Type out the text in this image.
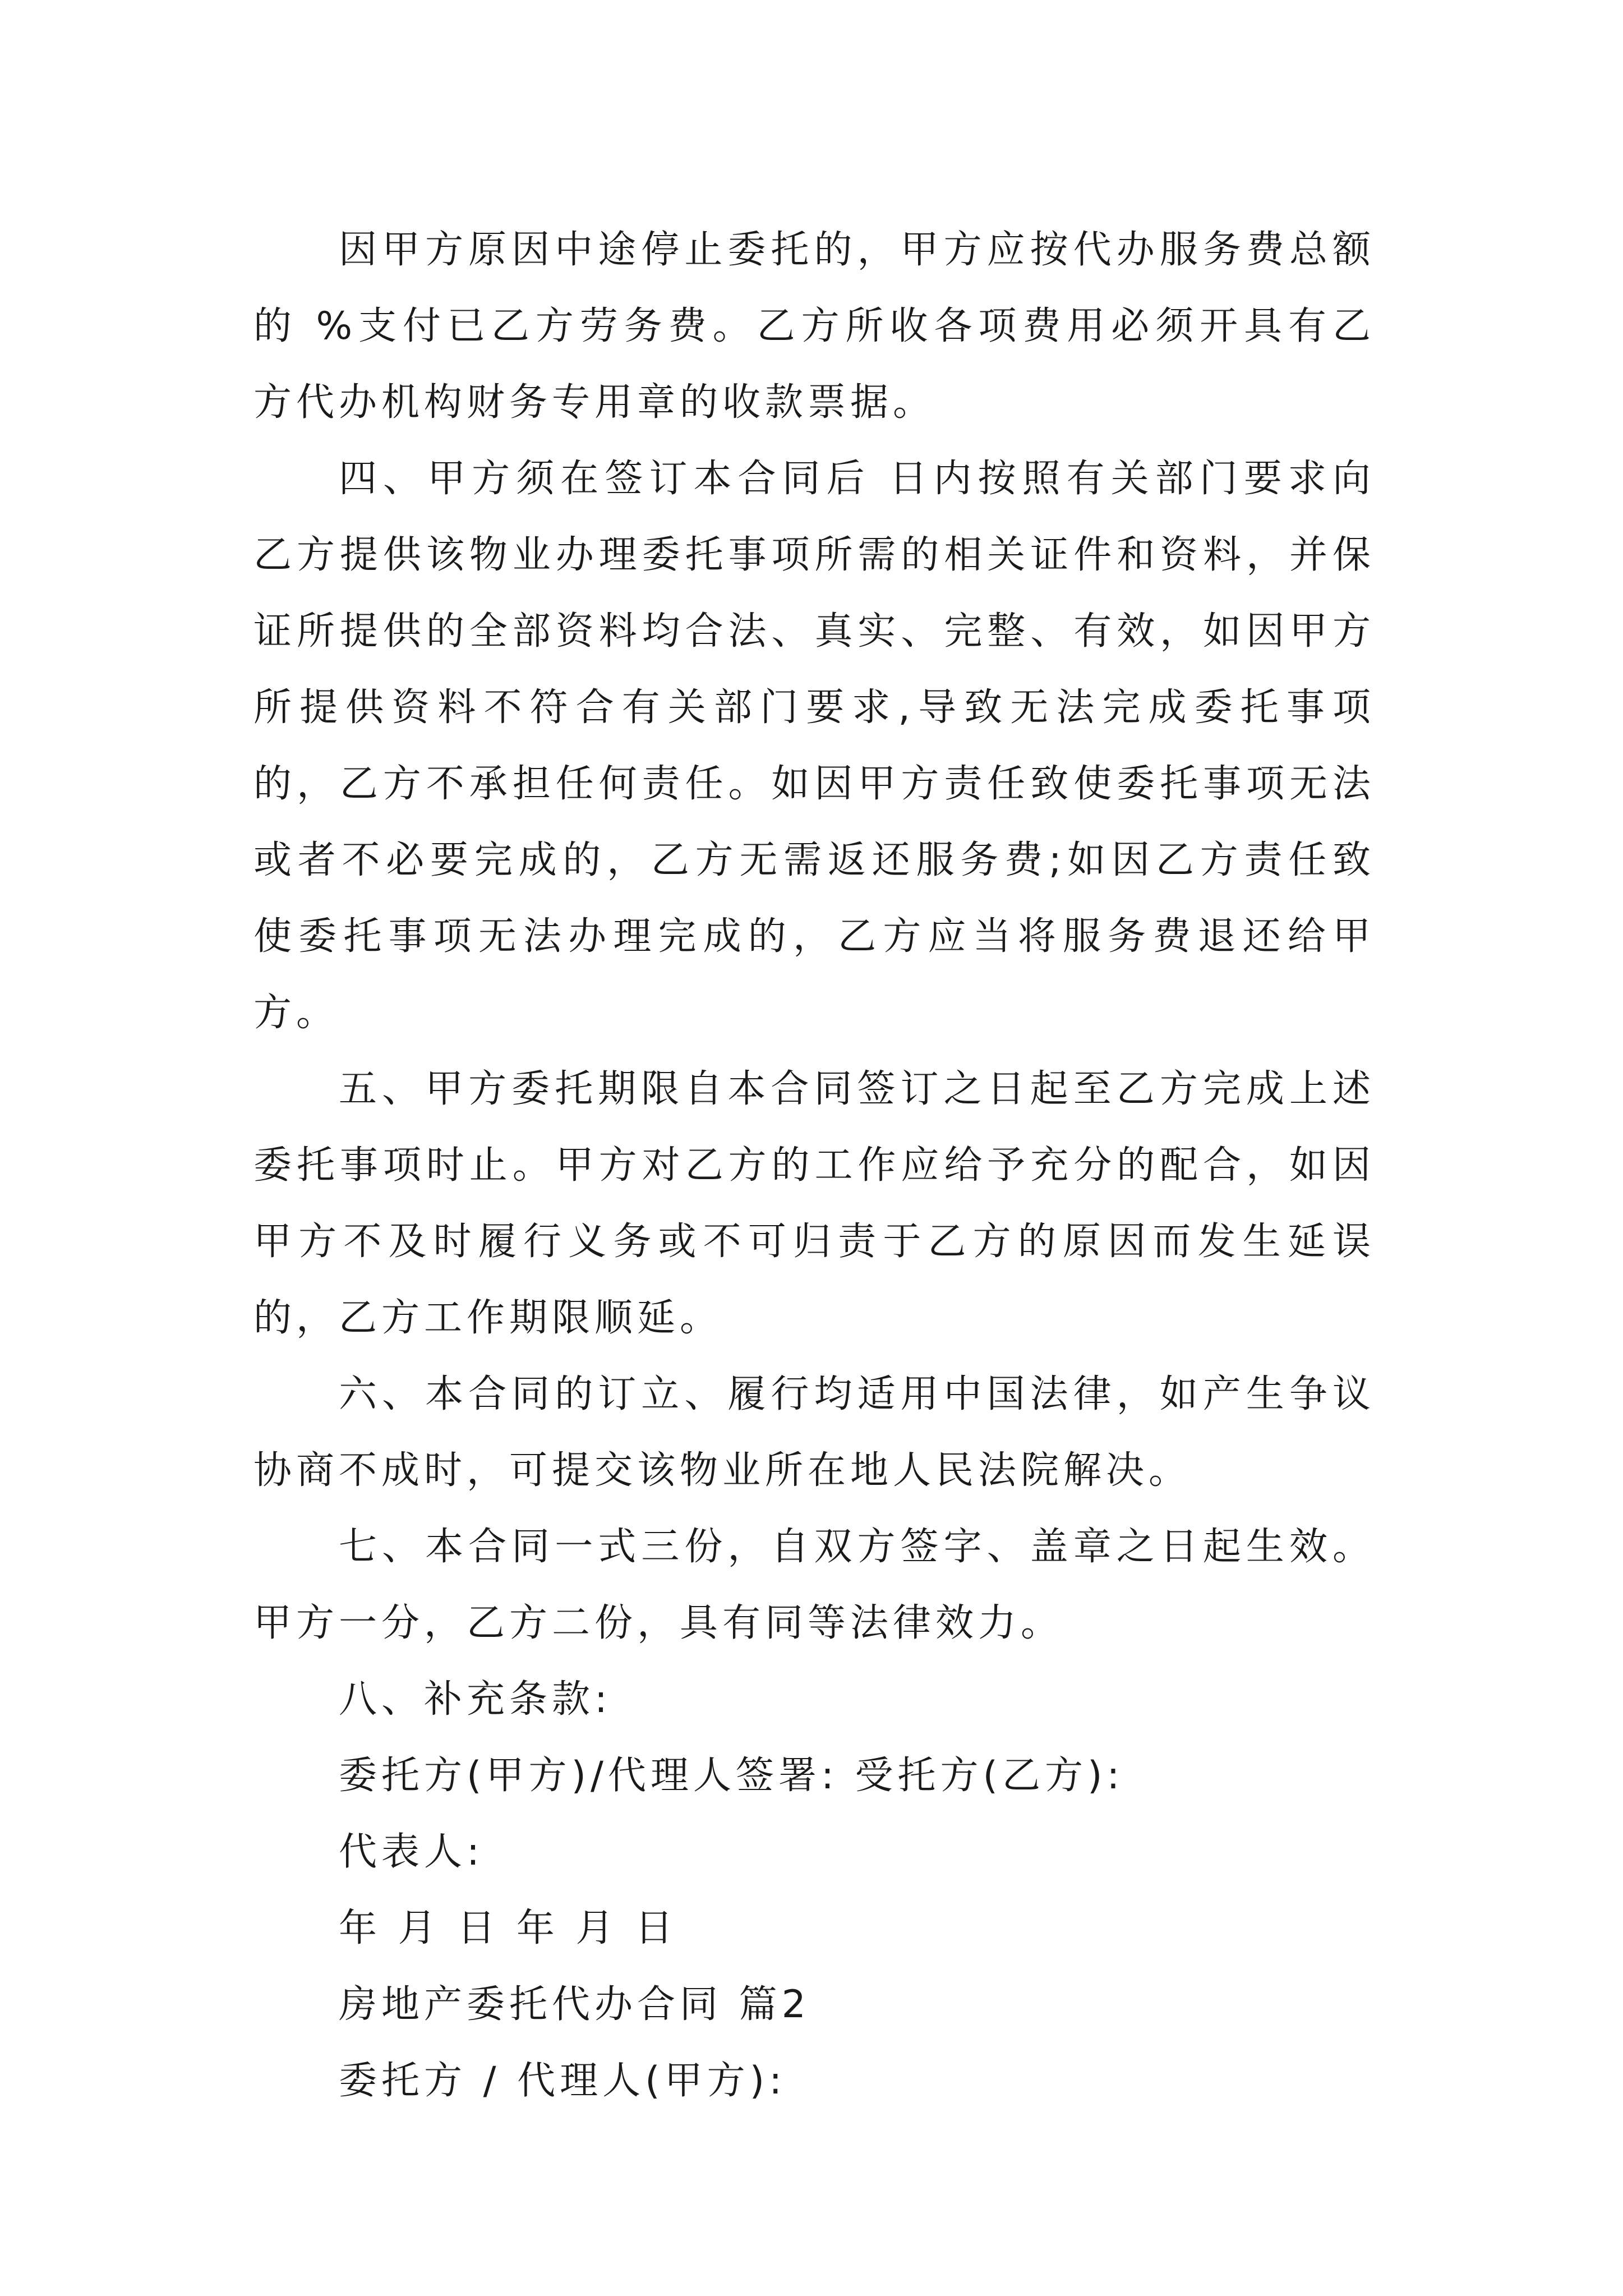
因甲方原因中途停止委托的，甲方应按代办服务费总额的 %支付已乙方劳务费。乙方所收各项费用必须开具有乙方代办机构财务专用章的收款票据。

四、甲方须在签订本合同后 日内按照有关部门要求向乙方提供该物业办理委托事项所需的相关证件和资料，并保证所提供的全部资料均合法、真实、完整、有效，如因甲方所提供资料不符合有关部门要求,导致无法完成委托事项的，乙方不承担任何责任。如因甲方责任致使委托事项无法或者不必要完成的，乙方无需返还服务费;如因乙方责任致使委托事项无法办理完成的，乙方应当将服务费退还给甲方。

五、甲方委托期限自本合同签订之日起至乙方完成上述委托事项时止。甲方对乙方的工作应给予充分的配合，如因甲方不及时履行义务或不可归责于乙方的原因而发生延误的，乙方工作期限顺延。

六、本合同的订立、履行均适用中国法律，如产生争议协商不成时，可提交该物业所在地人民法院解决。

七、本合同一式三份，自双方签字、盖章之日起生效。甲方一分，乙方二份，具有同等法律效力。

八、补充条款:

委托方(甲方)/代理人签署: 受托方(乙方):

代表人:

年 月 日 年 月 日

房地产委托代办合同 篇2

委托方 / 代理人(甲方):
